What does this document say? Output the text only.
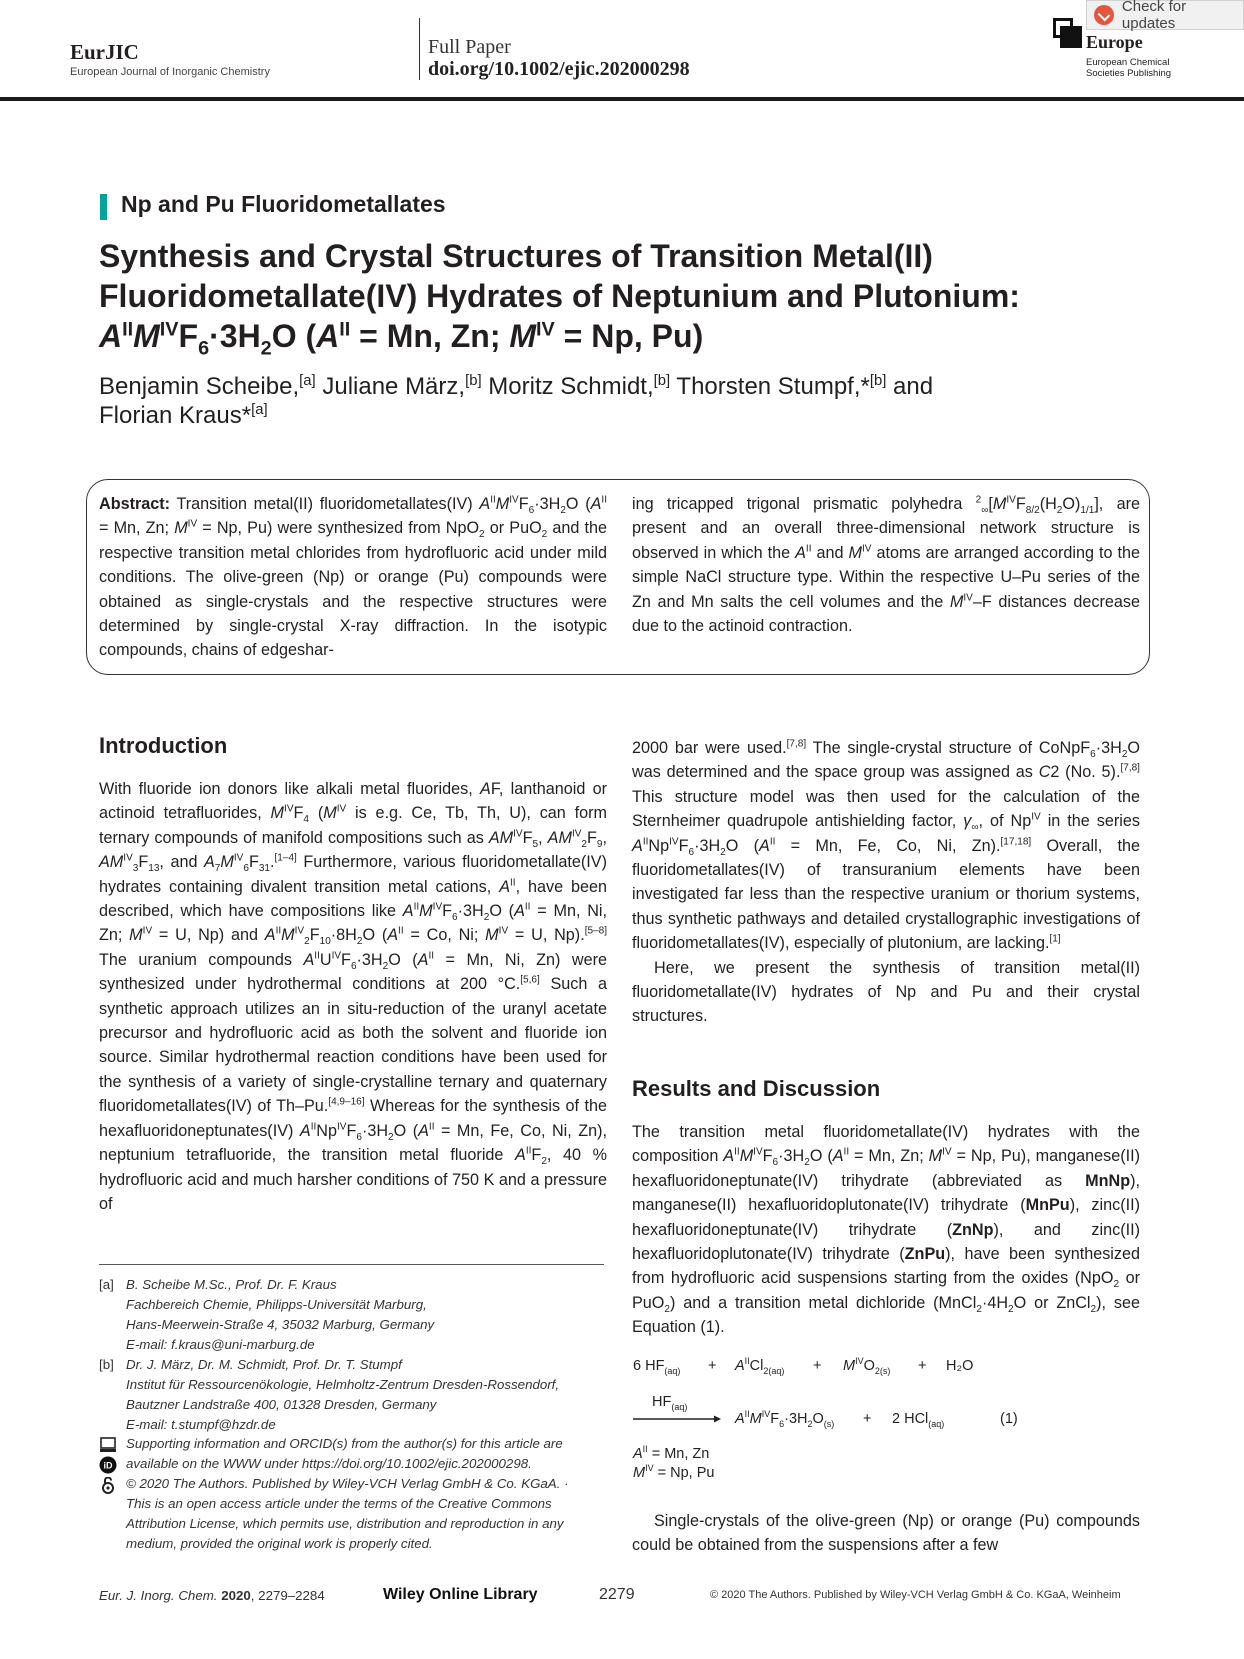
EurJIC
European Journal of Inorganic Chemistry
Full Paper
doi.org/10.1002/ejic.202000298
Europe
European Chemical
Societies Publishing
Check for updates
Np and Pu Fluoridometallates
Synthesis and Crystal Structures of Transition Metal(II)
Fluoridometallate(IV) Hydrates of Neptunium and Plutonium:
$A^{II}M^{IV}F_6\cdot 3H_2O$ ($A^{II} = Mn$, Zn; $M^{IV} = Np$, Pu)
Benjamin Scheibe,[a] Juliane März,[b] Moritz Schmidt,[b] Thorsten Stumpf,*[b] and
Florian Kraus*[a]
Abstract: Transition metal(II) fluoridometallates(IV) $A^{II}M^{IV}F_6\cdot 3H_2O$ ($A^{II} = Mn$, Zn; $M^{IV} = Np$, Pu) were synthesized from NpO$_2$ or PuO$_2$ and the respective transition metal chlorides from hydrofluoric acid under mild conditions. The olive-green (Np) or orange (Pu) compounds were obtained as single-crystals and the respective structures were determined by single-crystal X-ray diffraction. In the isotypic compounds, chains of edgeshar-
ing tricapped trigonal prismatic polyhedra $^2_\infty[M^{IV}F_{8/2}(H_2O)_{1/1}]$, are present and an overall three-dimensional network structure is observed in which the $A^{II}$ and $M^{IV}$ atoms are arranged according to the simple NaCl structure type. Within the respective U–Pu series of the Zn and Mn salts the cell volumes and the $M^{IV}-F$ distances decrease due to the actinoid contraction.
Introduction

With fluoride ion donors like alkali metal fluorides, AF, lanthanoid or actinoid tetrafluorides, $M^{IV}F_4$ ($M^{IV}$ is e.g. Ce, Tb, Th, U), can form ternary compounds of manifold compositions such as $AM^{IV}F_5$, $AM^{IV}_2F_9$, $AM^{IV}_3F_{13}$, and $A_7M^{IV}_6F_{31}.[1-4]$ Furthermore, various fluoridometallate(IV) hydrates containing divalent transition metal cations, $A^{II}$, have been described, which have compositions like $A^{II}M^{IV}F_6\cdot 3H_2O$ ($A^{II} = Mn$, Ni, Zn; $M^{IV} = U$, Np) and $A^{II}M^{IV}_2F_{10}\cdot 8H_2O$ ($A^{II} = Co$, Ni; $M^{IV} = U$, Np).[5–8] The uranium compounds $A^{II}U^{IV}F_6\cdot 3H_2O$ ($A^{II} = Mn$, Ni, Zn) were synthesized under hydrothermal conditions at 200 °C.[5,6] Such a synthetic approach utilizes an in situ-reduction of the uranyl acetate precursor and hydrofluoric acid as both the solvent and fluoride ion source. Similar hydrothermal reaction conditions have been used for the synthesis of a variety of single-crystalline ternary and quaternary fluoridometallates(IV) of Th–Pu.[4,9–16] Whereas for the synthesis of the hexafluoridoneptunates(IV) $A^{II}Np^{IV}F_6\cdot 3H_2O$ ($A^{II} = Mn$, Fe, Co, Ni, Zn), neptunium tetrafluoride, the transition metal fluoride $A^{II}F_2$, 40 % hydrofluoric acid and much harsher conditions of 750 K and a pressure of

[a] B. Scheibe M.Sc., Prof. Dr. F. Kraus
Fachbereich Chemie, Philipps-Universität Marburg,
Hans-Meerwein-Straße 4, 35032 Marburg, Germany
E-mail: f.kraus@uni-marburg.de
[b] Dr. J. März, Dr. M. Schmidt, Prof. Dr. T. Stumpf
Institut für Ressourcenökologie, Helmholtz-Zentrum Dresden-Rossendorf,
Bautzner Landstraße 400, 01328 Dresden, Germany
E-mail: t.stumpf@hzdr.de
iD
Supporting information and ORCID(s) from the author(s) for this article are
available on the WWW under https://doi.org/10.1002/ejic.202000298.
© 2020 The Authors. Published by Wiley-VCH Verlag GmbH & Co. KGaA. ·
This is an open access article under the terms of the Creative Commons
Attribution License, which permits use, distribution and reproduction in any
medium, provided the original work is properly cited.

2000 bar were used.[7,8] The single-crystal structure of $CoNpF_6\cdot 3H_2O$ was determined and the space group was assigned as C2 (No. 5).[7,8] This structure model was then used for the calculation of the Sternheimer quadrupole antishielding factor, $\gamma_\infty$, of $Np^{IV}$ in the series $A^{II}Np^{IV}F_6\cdot 3H_2O$ ($A^{II} = Mn$, Fe, Co, Ni, Zn).[17,18] Overall, the fluoridometallates(IV) of transuranium elements have been investigated far less than the respective uranium or thorium systems, thus synthetic pathways and detailed crystallographic investigations of fluoridometallates(IV), especially of plutonium, are lacking.[1]

Here, we present the synthesis of transition metal(II) fluoridometallate(IV) hydrates of Np and Pu and their crystal structures.

Results and Discussion

The transition metal fluoridometallate(IV) hydrates with the composition $A^{II}M^{IV}F_6\cdot 3H_2O$ ($A^{II} = Mn$, Zn; $M^{IV} = Np$, Pu), manganese(II) hexafluoridoneptunate(IV) trihydrate (abbreviated as MnNp), manganese(II) hexafluoridoplutonate(IV) trihydrate (MnPu), zinc(II) hexafluoridoneptunate(IV) trihydrate (ZnNp), and zinc(II) hexafluoridoplutonate(IV) trihydrate (ZnPu), have been synthesized from hydrofluoric acid suspensions starting from the oxides (NpO$_2$ or PuO$_2$) and a transition metal dichloride ($MnCl_2\cdot 4H_2O$ or ZnCl$_2$), see Equation (1).

6 $HF_{(aq)} + A^{II}Cl_{2(aq)} + M^{IV}O_{2(s)} + H_2O$
$HF_{(aq)}$
$A^{II}M^{IV}F_6\cdot 3H_2O_{(s)} + 2$ HCl$_{(aq)}$	(1)
$A^{II} = Mn$, Zn
$M^{IV} = Np$, Pu

Single-crystals of the olive-green (Np) or orange (Pu) compounds could be obtained from the suspensions after a few

Eur. J. Inorg. Chem. 2020, 2279–2284	Wiley Online Library	2279	© 2020 The Authors. Published by Wiley-VCH Verlag GmbH & Co. KGaA, Weinheim
